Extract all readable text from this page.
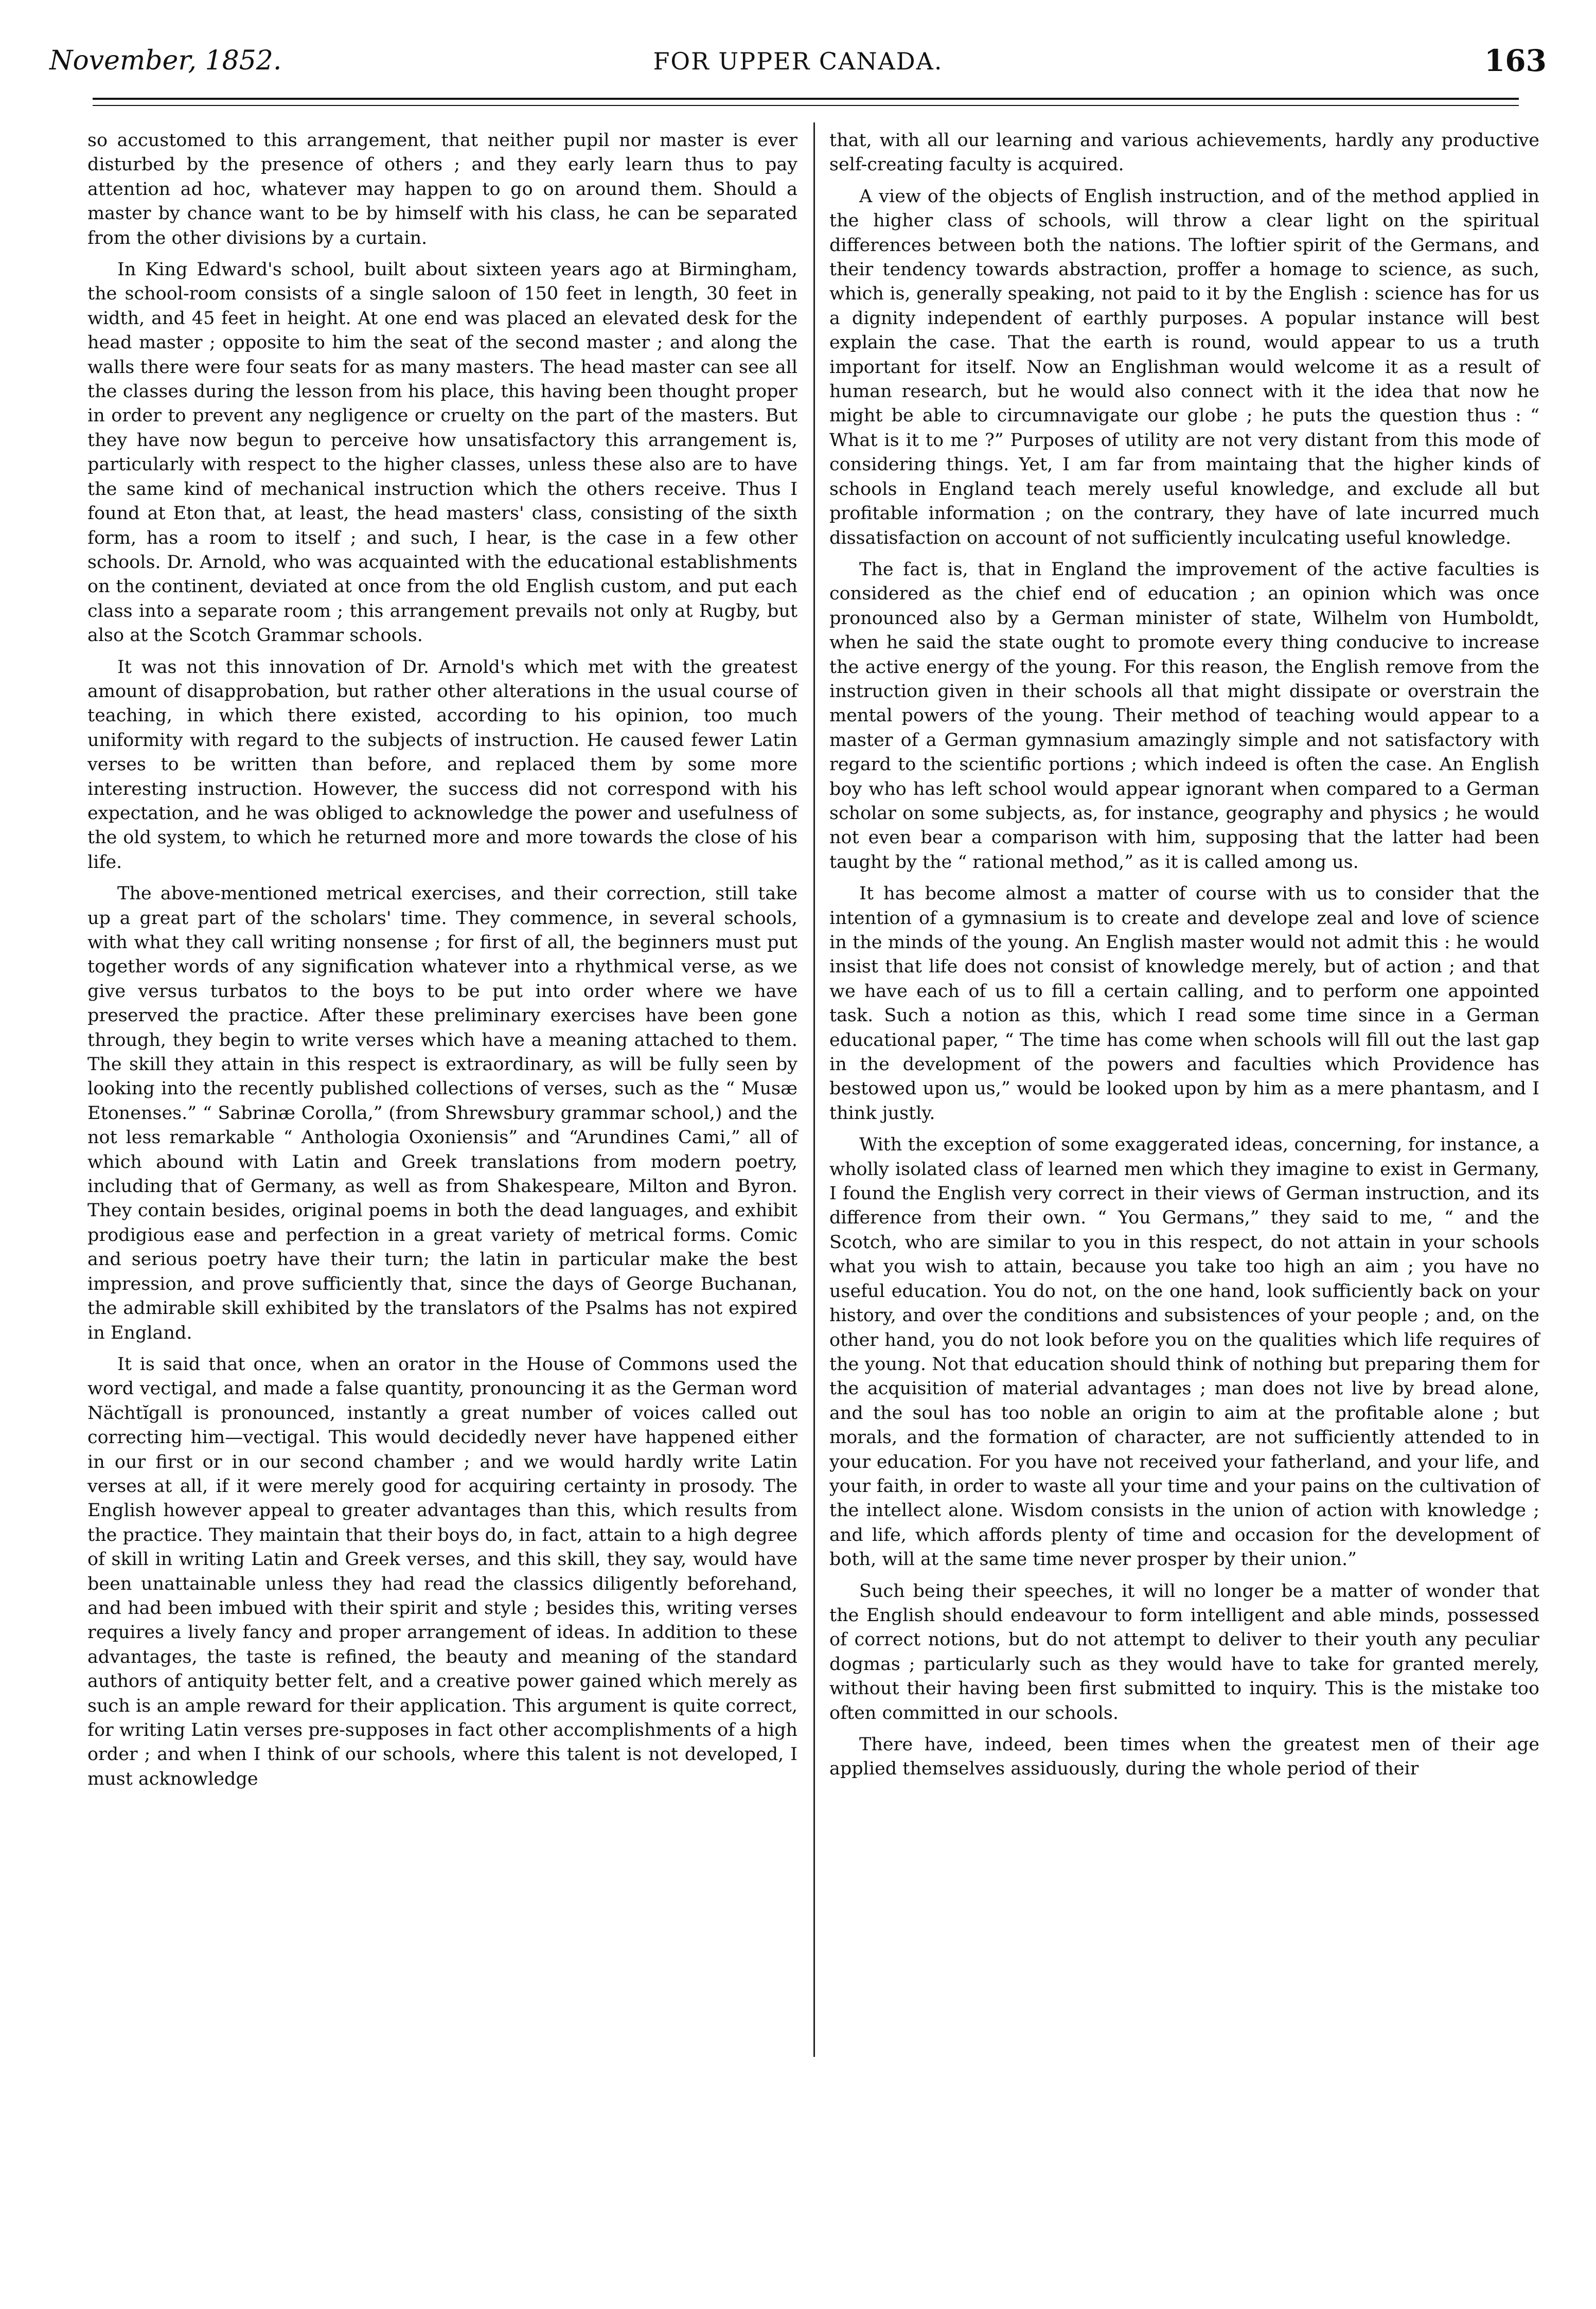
November, 1852.	FOR UPPER CANADA.	163

so accustomed to this arrangement, that neither pupil nor master is ever disturbed by the presence of others ; and they early learn thus to pay attention ad hoc, whatever may happen to go on around them. Should a master by chance want to be by himself with his class, he can be separated from the other divisions by a curtain.

In King Edward's school, built about sixteen years ago at Birmingham, the school-room consists of a single saloon of 150 feet in length, 30 feet in width, and 45 feet in height. At one end was placed an elevated desk for the head master ; opposite to him the seat of the second master ; and along the walls there were four seats for as many masters. The head master can see all the classes during the lesson from his place, this having been thought proper in order to prevent any negligence or cruelty on the part of the masters. But they have now begun to perceive how unsatisfactory this arrangement is, particularly with respect to the higher classes, unless these also are to have the same kind of mechanical instruction which the others receive. Thus I found at Eton that, at least, the head masters' class, consisting of the sixth form, has a room to itself ; and such, I hear, is the case in a few other schools. Dr. Arnold, who was acquainted with the educational establishments on the continent, deviated at once from the old English custom, and put each class into a separate room ; this arrangement prevails not only at Rugby, but also at the Scotch Grammar schools.

It was not this innovation of Dr. Arnold's which met with the greatest amount of disapprobation, but rather other alterations in the usual course of teaching, in which there existed, according to his opinion, too much uniformity with regard to the subjects of instruction. He caused fewer Latin verses to be written than before, and replaced them by some more interesting instruction. However, the success did not correspond with his expectation, and he was obliged to acknowledge the power and usefulness of the old system, to which he returned more and more towards the close of his life.

The above-mentioned metrical exercises, and their correction, still take up a great part of the scholars' time. They commence, in several schools, with what they call writing nonsense ; for first of all, the beginners must put together words of any signification whatever into a rhythmical verse, as we give versus turbatos to the boys to be put into order where we have preserved the practice. After these preliminary exercises have been gone through, they begin to write verses which have a meaning attached to them. The skill they attain in this respect is extraordinary, as will be fully seen by looking into the recently published collections of verses, such as the “ Musæ Etonenses.” “ Sabrinæ Corolla,” (from Shrewsbury grammar school,) and the not less remarkable “ Anthologia Oxoniensis” and “Arundines Cami,” all of which abound with Latin and Greek translations from modern poetry, including that of Germany, as well as from Shakespeare, Milton and Byron. They contain besides, original poems in both the dead languages, and exhibit prodigious ease and perfection in a great variety of metrical forms. Comic and serious poetry have their turn; the latin in particular make the best impression, and prove sufficiently that, since the days of George Buchanan, the admirable skill exhibited by the translators of the Psalms has not expired in England.

It is said that once, when an orator in the House of Commons used the word vectigal, and made a false quantity, pronouncing it as the German word Nächtĭgall is pronounced, instantly a great number of voices called out correcting him—vectigal. This would decidedly never have happened either in our first or in our second chamber ; and we would hardly write Latin verses at all, if it were merely good for acquiring certainty in prosody. The English however appeal to greater advantages than this, which results from the practice. They maintain that their boys do, in fact, attain to a high degree of skill in writing Latin and Greek verses, and this skill, they say, would have been unattainable unless they had read the classics diligently beforehand, and had been imbued with their spirit and style ; besides this, writing verses requires a lively fancy and proper arrangement of ideas. In addition to these advantages, the taste is refined, the beauty and meaning of the standard authors of antiquity better felt, and a creative power gained which merely as such is an ample reward for their application. This argument is quite correct, for writing Latin verses pre-supposes in fact other accomplishments of a high order ; and when I think of our schools, where this talent is not developed, I must acknowledge

that, with all our learning and various achievements, hardly any productive self-creating faculty is acquired.

A view of the objects of English instruction, and of the method applied in the higher class of schools, will throw a clear light on the spiritual differences between both the nations. The loftier spirit of the Germans, and their tendency towards abstraction, proffer a homage to science, as such, which is, generally speaking, not paid to it by the English : science has for us a dignity independent of earthly purposes. A popular instance will best explain the case. That the earth is round, would appear to us a truth important for itself. Now an Englishman would welcome it as a result of human research, but he would also connect with it the idea that now he might be able to circumnavigate our globe ; he puts the question thus : “ What is it to me ?” Purposes of utility are not very distant from this mode of considering things. Yet, I am far from maintaing that the higher kinds of schools in England teach merely useful knowledge, and exclude all but profitable information ; on the contrary, they have of late incurred much dissatisfaction on account of not sufficiently inculcating useful knowledge.

The fact is, that in England the improvement of the active faculties is considered as the chief end of education ; an opinion which was once pronounced also by a German minister of state, Wilhelm von Humboldt, when he said the state ought to promote every thing conducive to increase the active energy of the young. For this reason, the English remove from the instruction given in their schools all that might dissipate or overstrain the mental powers of the young. Their method of teaching would appear to a master of a German gymnasium amazingly simple and not satisfactory with regard to the scientific portions ; which indeed is often the case. An English boy who has left school would appear ignorant when compared to a German scholar on some subjects, as, for instance, geography and physics ; he would not even bear a comparison with him, supposing that the latter had been taught by the “ rational method,” as it is called among us.

It has become almost a matter of course with us to consider that the intention of a gymnasium is to create and develope zeal and love of science in the minds of the young. An English master would not admit this : he would insist that life does not consist of knowledge merely, but of action ; and that we have each of us to fill a certain calling, and to perform one appointed task. Such a notion as this, which I read some time since in a German educational paper, “ The time has come when schools will fill out the last gap in the development of the powers and faculties which Providence has bestowed upon us,” would be looked upon by him as a mere phantasm, and I think justly.

With the exception of some exaggerated ideas, concerning, for instance, a wholly isolated class of learned men which they imagine to exist in Germany, I found the English very correct in their views of German instruction, and its difference from their own. “ You Germans,” they said to me, “ and the Scotch, who are similar to you in this respect, do not attain in your schools what you wish to attain, because you take too high an aim ; you have no useful education. You do not, on the one hand, look sufficiently back on your history, and over the conditions and subsistences of your people ; and, on the other hand, you do not look before you on the qualities which life requires of the young. Not that education should think of nothing but preparing them for the acquisition of material advantages ; man does not live by bread alone, and the soul has too noble an origin to aim at the profitable alone ; but morals, and the formation of character, are not sufficiently attended to in your education. For you have not received your fatherland, and your life, and your faith, in order to waste all your time and your pains on the cultivation of the intellect alone. Wisdom consists in the union of action with knowledge ; and life, which affords plenty of time and occasion for the development of both, will at the same time never prosper by their union.”

Such being their speeches, it will no longer be a matter of wonder that the English should endeavour to form intelligent and able minds, possessed of correct notions, but do not attempt to deliver to their youth any peculiar dogmas ; particularly such as they would have to take for granted merely, without their having been first submitted to inquiry. This is the mistake too often committed in our schools.

There have, indeed, been times when the greatest men of their age applied themselves assiduously, during the whole period of their
